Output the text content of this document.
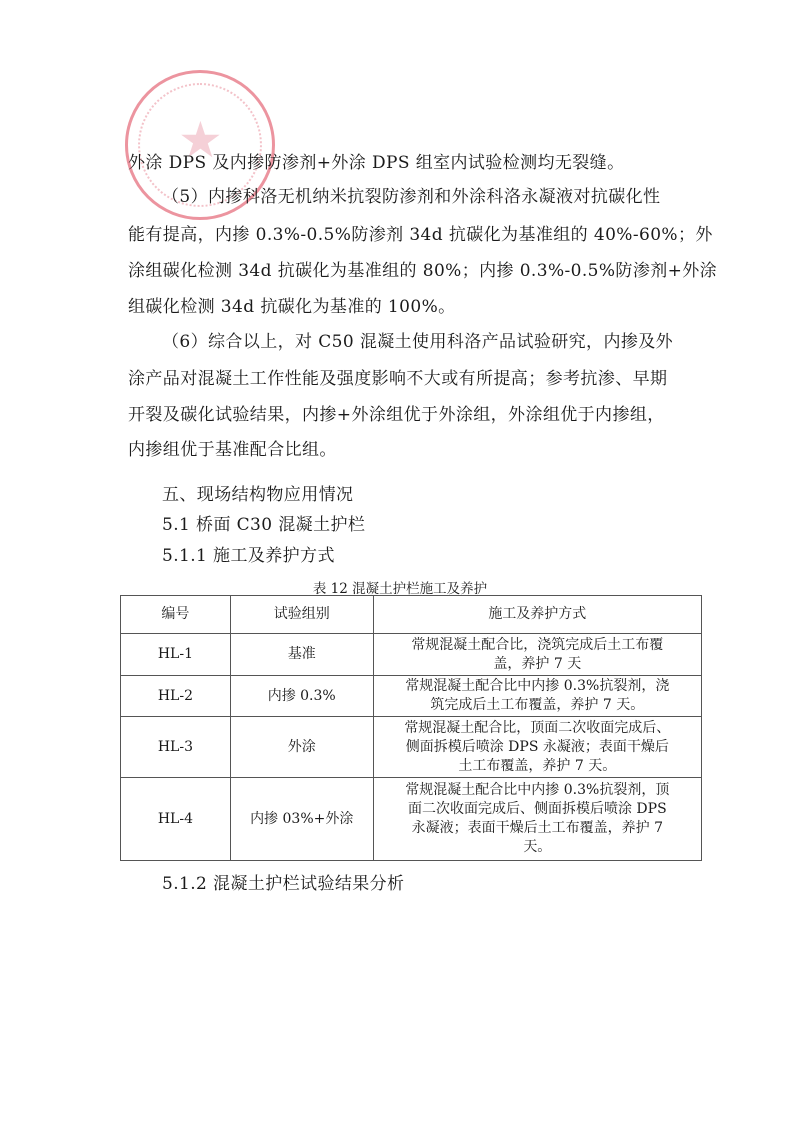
★
外涂 DPS 及内掺防渗剂+外涂 DPS 组室内试验检测均无裂缝。
（5）内掺科洛无机纳米抗裂防渗剂和外涂科洛永凝液对抗碳化性
能有提高，内掺 0.3%-0.5%防渗剂 34d 抗碳化为基准组的 40%-60%；外
涂组碳化检测 34d 抗碳化为基准组的 80%；内掺 0.3%-0.5%防渗剂+外涂
组碳化检测 34d 抗碳化为基准的 100%。
（6）综合以上，对 C50 混凝土使用科洛产品试验研究，内掺及外
涂产品对混凝土工作性能及强度影响不大或有所提高；参考抗渗、早期
开裂及碳化试验结果，内掺+外涂组优于外涂组，外涂组优于内掺组，
内掺组优于基准配合比组。
五、现场结构物应用情况
5.1 桥面 C30 混凝土护栏
5.1.1 施工及养护方式
表 12 混凝土护栏施工及养护
编号	试验组别	施工及养护方式
HL-1	基准	常规混凝土配合比，浇筑完成后土工布覆
盖，养护 7 天

HL-2	内掺 0.3%	常规混凝土配合比中内掺 0.3%抗裂剂，浇
筑完成后土工布覆盖，养护 7 天。

HL-3	外涂	常规混凝土配合比，顶面二次收面完成后、
侧面拆模后喷涂 DPS 永凝液；表面干燥后
土工布覆盖，养护 7 天。

HL-4	内掺 03%+外涂	常规混凝土配合比中内掺 0.3%抗裂剂，顶
面二次收面完成后、侧面拆模后喷涂 DPS
永凝液；表面干燥后土工布覆盖，养护 7
天。
5.1.2 混凝土护栏试验结果分析
